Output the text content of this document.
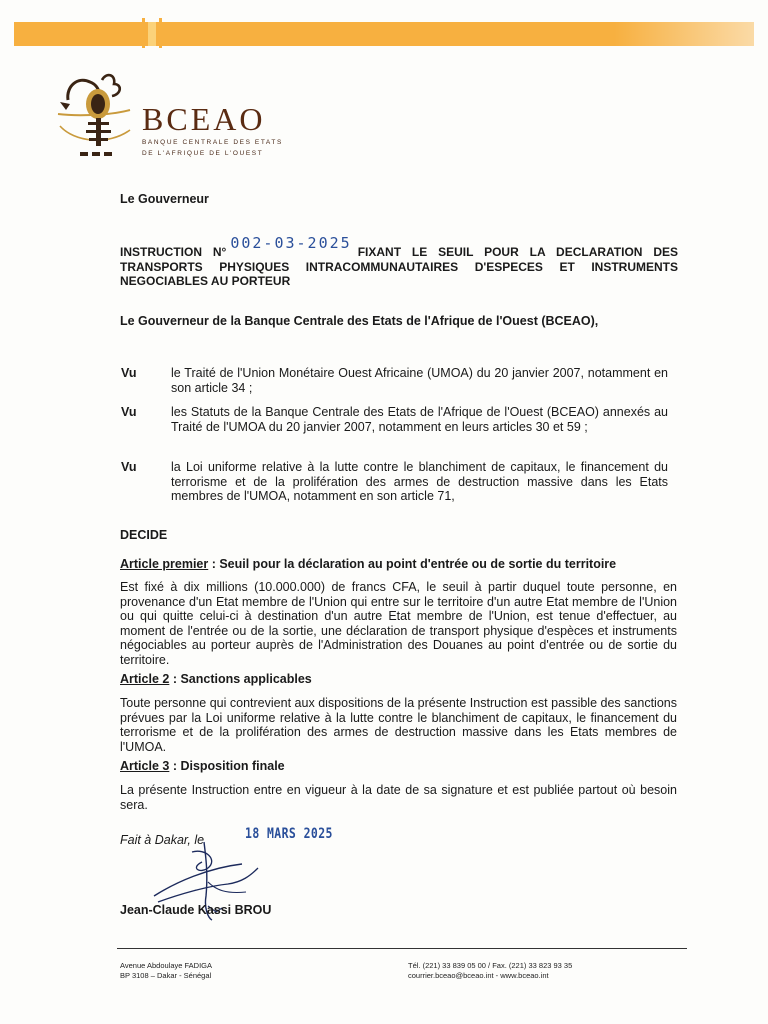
BCEAO
BANQUE CENTRALE DES ETATS
DE L'AFRIQUE DE L'OUEST
Le Gouverneur
INSTRUCTION N° 002-03-2025 FIXANT LE SEUIL POUR LA DECLARATION DES TRANSPORTS PHYSIQUES INTRACOMMUNAUTAIRES D'ESPECES ET INSTRUMENTS NEGOCIABLES AU PORTEUR
Le Gouverneur de la Banque Centrale des Etats de l'Afrique de l'Ouest (BCEAO),
Vu	le Traité de l'Union Monétaire Ouest Africaine (UMOA) du 20 janvier 2007, notamment en son article 34 ;
Vu	les Statuts de la Banque Centrale des Etats de l'Afrique de l'Ouest (BCEAO) annexés au Traité de l'UMOA du 20 janvier 2007, notamment en leurs articles 30 et 59 ;
Vu	la Loi uniforme relative à la lutte contre le blanchiment de capitaux, le financement du terrorisme et de la prolifération des armes de destruction massive dans les Etats membres de l'UMOA, notamment en son article 71,
DECIDE
Article premier : Seuil pour la déclaration au point d'entrée ou de sortie du territoire
Est fixé à dix millions (10.000.000) de francs CFA, le seuil à partir duquel toute personne, en provenance d'un Etat membre de l'Union qui entre sur le territoire d'un autre Etat membre de l'Union ou qui quitte celui-ci à destination d'un autre Etat membre de l'Union, est tenue d'effectuer, au moment de l'entrée ou de la sortie, une déclaration de transport physique d'espèces et instruments négociables au porteur auprès de l'Administration des Douanes au point d'entrée ou de sortie du territoire.
Article 2 : Sanctions applicables
Toute personne qui contrevient aux dispositions de la présente Instruction est passible des sanctions prévues par la Loi uniforme relative à la lutte contre le blanchiment de capitaux, le financement du terrorisme et de la prolifération des armes de destruction massive dans les Etats membres de l'UMOA.
Article 3 : Disposition finale
La présente Instruction entre en vigueur à la date de sa signature et est publiée partout où besoin sera.
Fait à Dakar, le	18 MARS 2025
Jean-Claude Kassi BROU
Avenue Abdoulaye FADIGA
BP 3108 – Dakar - Sénégal
Tél. (221) 33 839 05 00 / Fax. (221) 33 823 93 35
courrier.bceao@bceao.int - www.bceao.int
